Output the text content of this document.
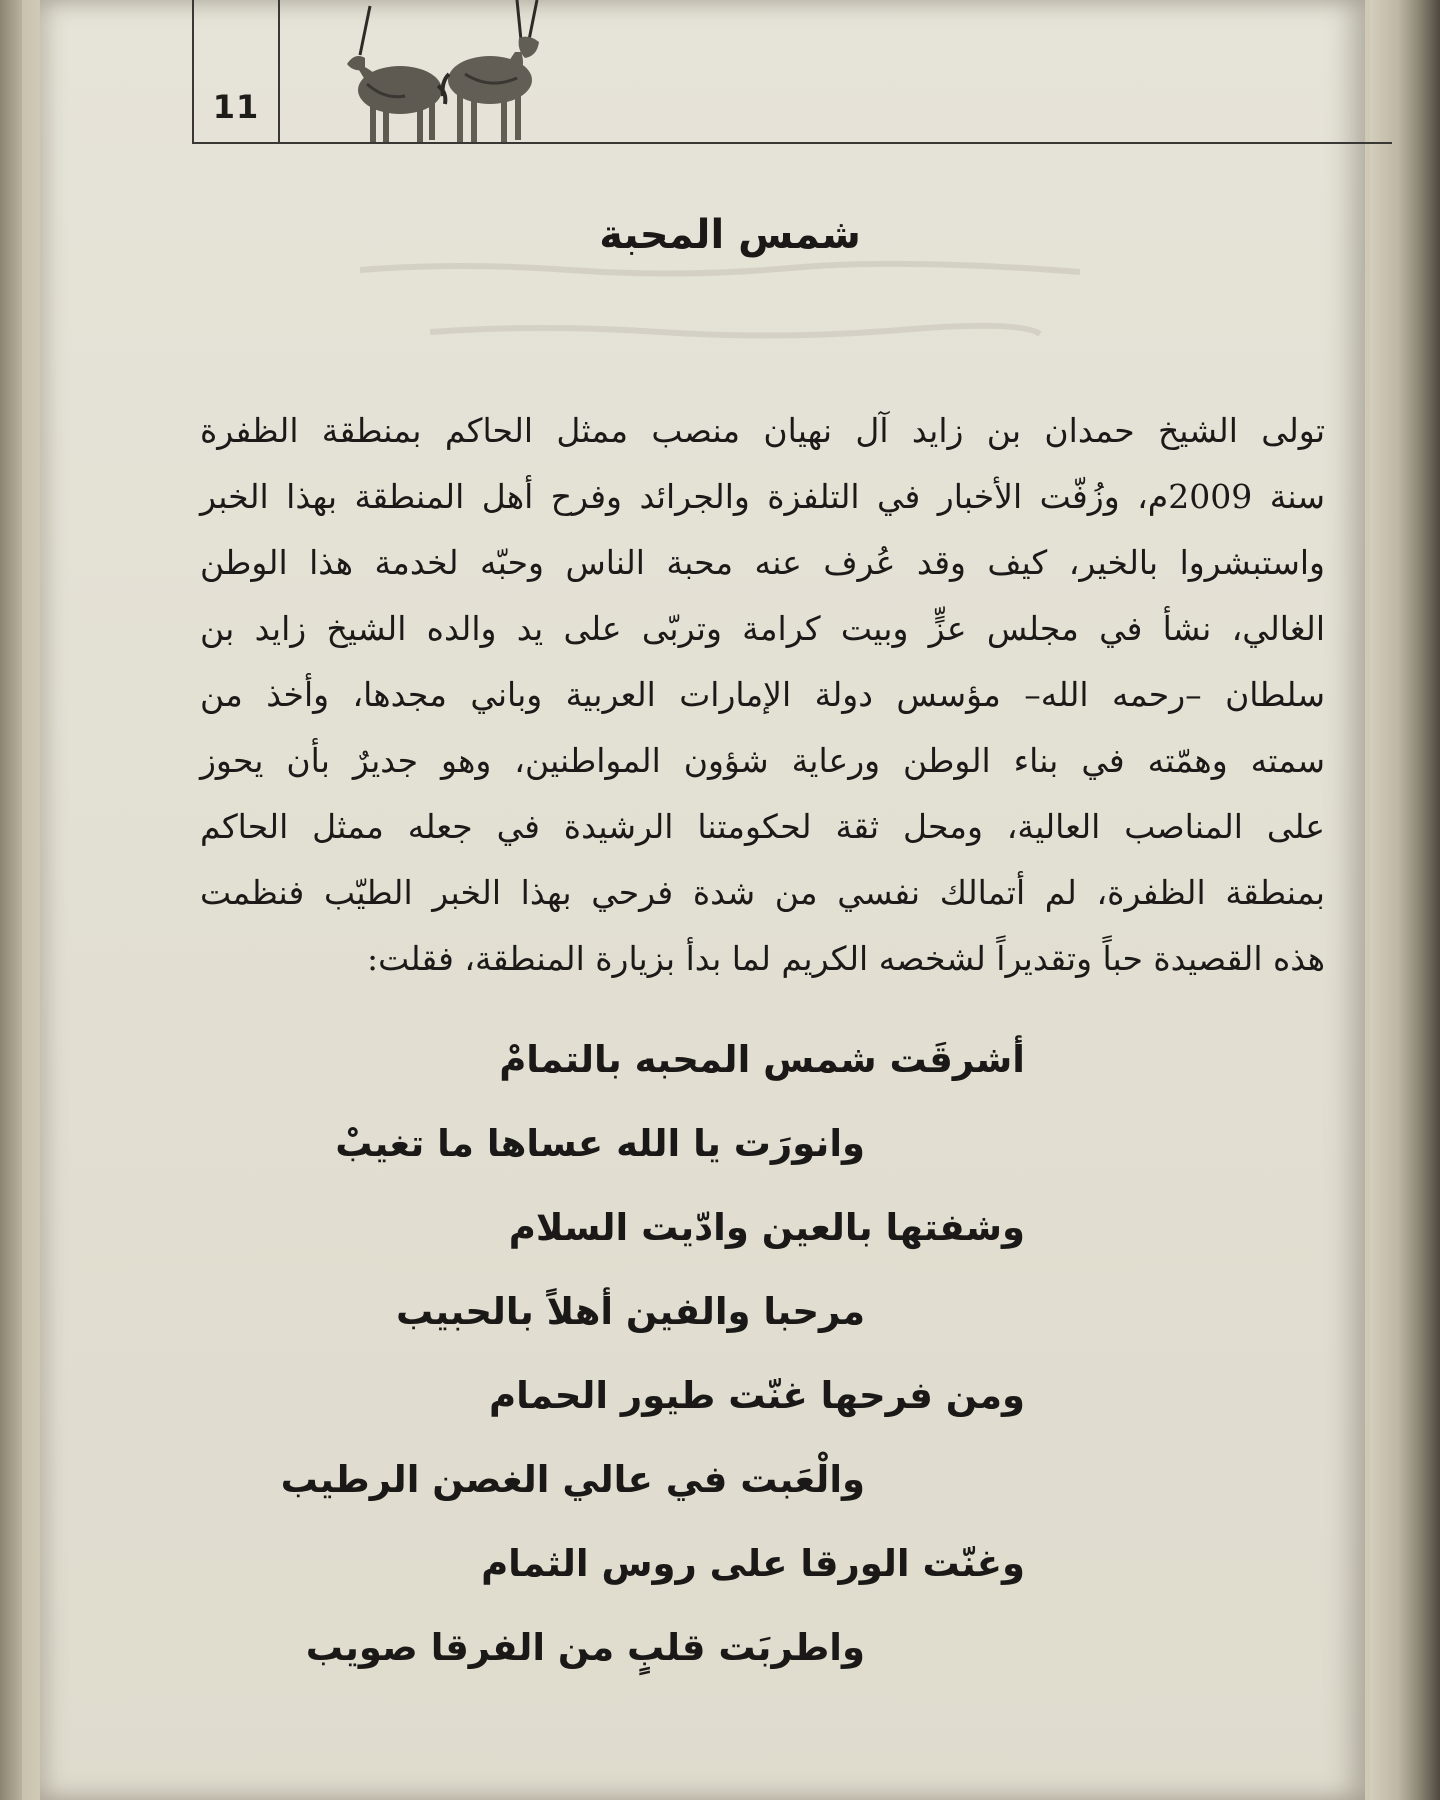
11
شمس المحبة
تولى الشيخ حمدان بن زايد آل نهيان منصب ممثل الحاكم بمنطقة الظفرة
سنة 2009م، وزُفّت الأخبار في التلفزة والجرائد وفرح أهل المنطقة بهذا الخبر
واستبشروا بالخير، كيف وقد عُرف عنه محبة الناس وحبّه لخدمة هذا الوطن
الغالي، نشأ في مجلس عزٍّ وبيت كرامة وتربّى على يد والده الشيخ زايد بن
سلطان –رحمه الله– مؤسس دولة الإمارات العربية وباني مجدها، وأخذ من
سمته وهمّته في بناء الوطن ورعاية شؤون المواطنين، وهو جديرٌ بأن يحوز
على المناصب العالية، ومحل ثقة لحكومتنا الرشيدة في جعله ممثل الحاكم
بمنطقة الظفرة، لم أتمالك نفسي من شدة فرحي بهذا الخبر الطيّب فنظمت
هذه القصيدة حباً وتقديراً لشخصه الكريم لما بدأ بزيارة المنطقة، فقلت:
أشرقَت شمس المحبه بالتمامْ
وانورَت يا الله عساها ما تغيبْ
وشفتها بالعين وادّيت السلام
مرحبا والفين أهلاً بالحبيب
ومن فرحها غنّت طيور الحمام
والْعَبت في عالي الغصن الرطيب
وغنّت الورقا على روس الثمام
واطربَت قلبٍ من الفرقا صويب
